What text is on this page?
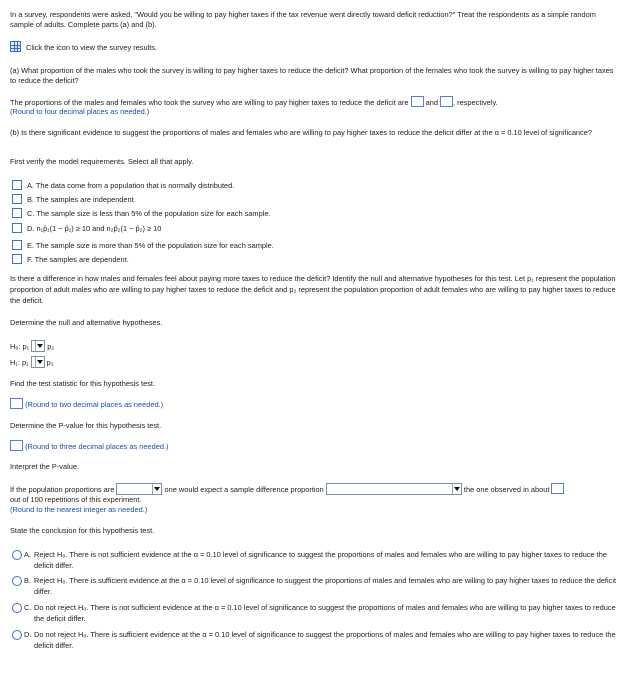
In a survey, respondents were asked, "Would you be willing to pay higher taxes if the tax revenue went directly toward deficit reduction?" Treat the respondents as a simple random sample of adults. Complete parts (a) and (b).
Click the icon to view the survey results.
(a) What proportion of the males who took the survey is willing to pay higher taxes to reduce the deficit? What proportion of the females who took the survey is willing to pay higher taxes to reduce the deficit?
The proportions of the males and females who took the survey who are willing to pay higher taxes to reduce the deficit are and , respectively.
(Round to four decimal places as needed.)
(b) Is there significant evidence to suggest the proportions of males and females who are willing to pay higher taxes to reduce the deficit differ at the α = 0.10 level of significance?
First verify the model requirements. Select all that apply.
A. The data come from a population that is normally distributed.
B. The samples are independent.
C. The sample size is less than 5% of the population size for each sample.
D. n₁p̂₁(1 − p̂₁) ≥ 10 and n₂p̂₂(1 − p̂₂) ≥ 10
E. The sample size is more than 5% of the population size for each sample.
F. The samples are dependent.
Is there a difference in how males and females feel about paying more taxes to reduce the deficit? Identify the null and alternative hypotheses for this test. Let p₁ represent the population proportion of adult males who are willing to pay higher taxes to reduce the deficit and p₂ represent the population proportion of adult females who are willing to pay higher taxes to reduce the deficit.
Determine the null and alternative hypotheses.
H₀: p₁ p₂
H₁: p₁ p₂
Find the test statistic for this hypothesis test.
(Round to two decimal places as needed.)
Determine the P-value for this hypothesis test.
(Round to three decimal places as needed.)
Interpret the P-value.
If the population proportions are	one would expect a sample difference proportion	the one observed in about
out of 100 repetitions of this experiment.
(Round to the nearest integer as needed.)
State the conclusion for this hypothesis test.
A. Reject H₀. There is not sufficient evidence at the α = 0.10 level of significance to suggest the proportions of males and females who are willing to pay higher taxes to reduce the deficit differ.
B. Reject H₀. There is sufficient evidence at the α = 0.10 level of significance to suggest the proportions of males and females who are willing to pay higher taxes to reduce the deficit differ.
C. Do not reject H₀. There is not sufficient evidence at the α = 0.10 level of significance to suggest the proportions of males and females who are willing to pay higher taxes to reduce the deficit differ.
D. Do not reject H₀. There is sufficient evidence at the α = 0.10 level of significance to suggest the proportions of males and females who are willing to pay higher taxes to reduce the deficit differ.
